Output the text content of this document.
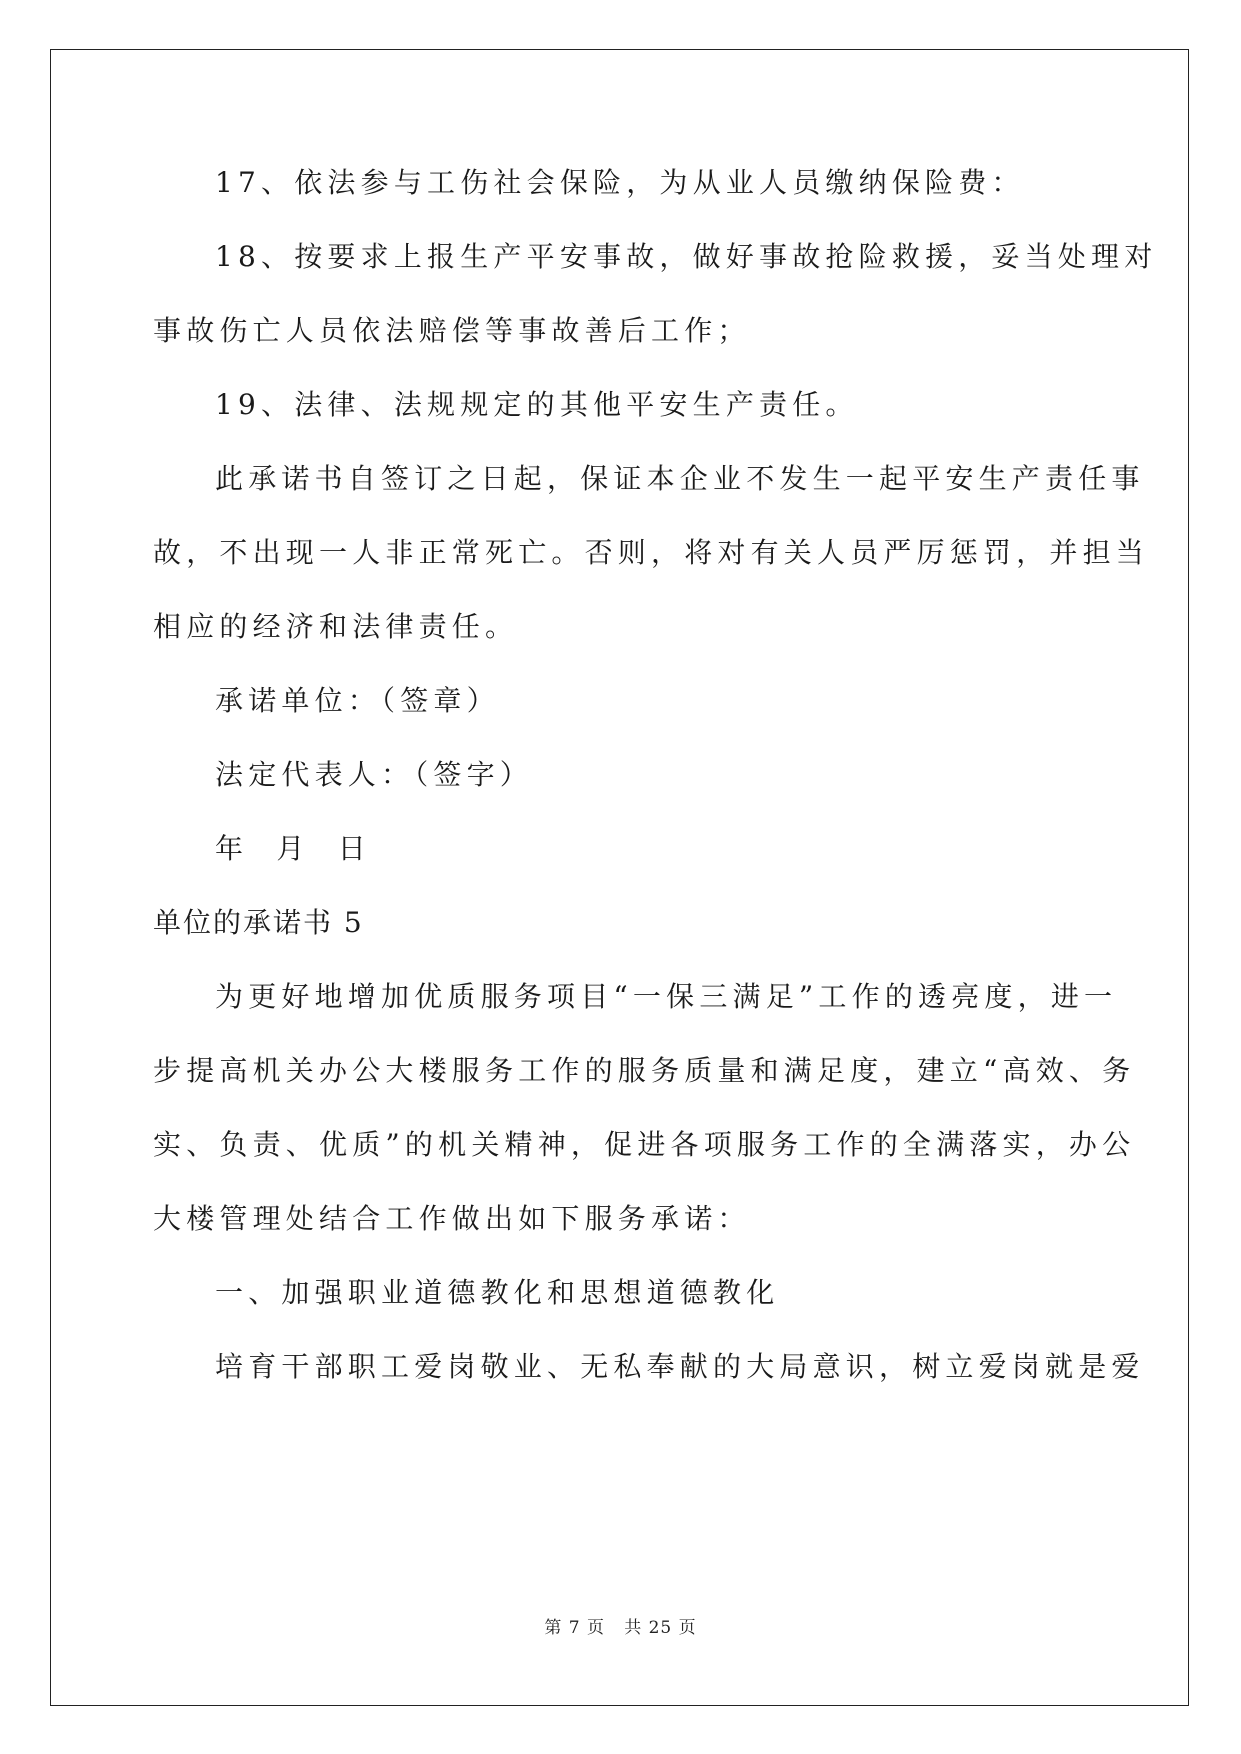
17、依法参与工伤社会保险，为从业人员缴纳保险费：
18、按要求上报生产平安事故，做好事故抢险救援，妥当处理对
事故伤亡人员依法赔偿等事故善后工作；
19、法律、法规规定的其他平安生产责任。
此承诺书自签订之日起，保证本企业不发生一起平安生产责任事
故，不出现一人非正常死亡。否则，将对有关人员严厉惩罚，并担当
相应的经济和法律责任。
承诺单位：（签章）
法定代表人：（签字）
年  月  日
单位的承诺书 5
为更好地增加优质服务项目“一保三满足”工作的透亮度，进一
步提高机关办公大楼服务工作的服务质量和满足度，建立“高效、务
实、负责、优质”的机关精神，促进各项服务工作的全满落实，办公
大楼管理处结合工作做出如下服务承诺：
一、加强职业道德教化和思想道德教化
培育干部职工爱岗敬业、无私奉献的大局意识，树立爱岗就是爱
第 7 页   共 25 页
